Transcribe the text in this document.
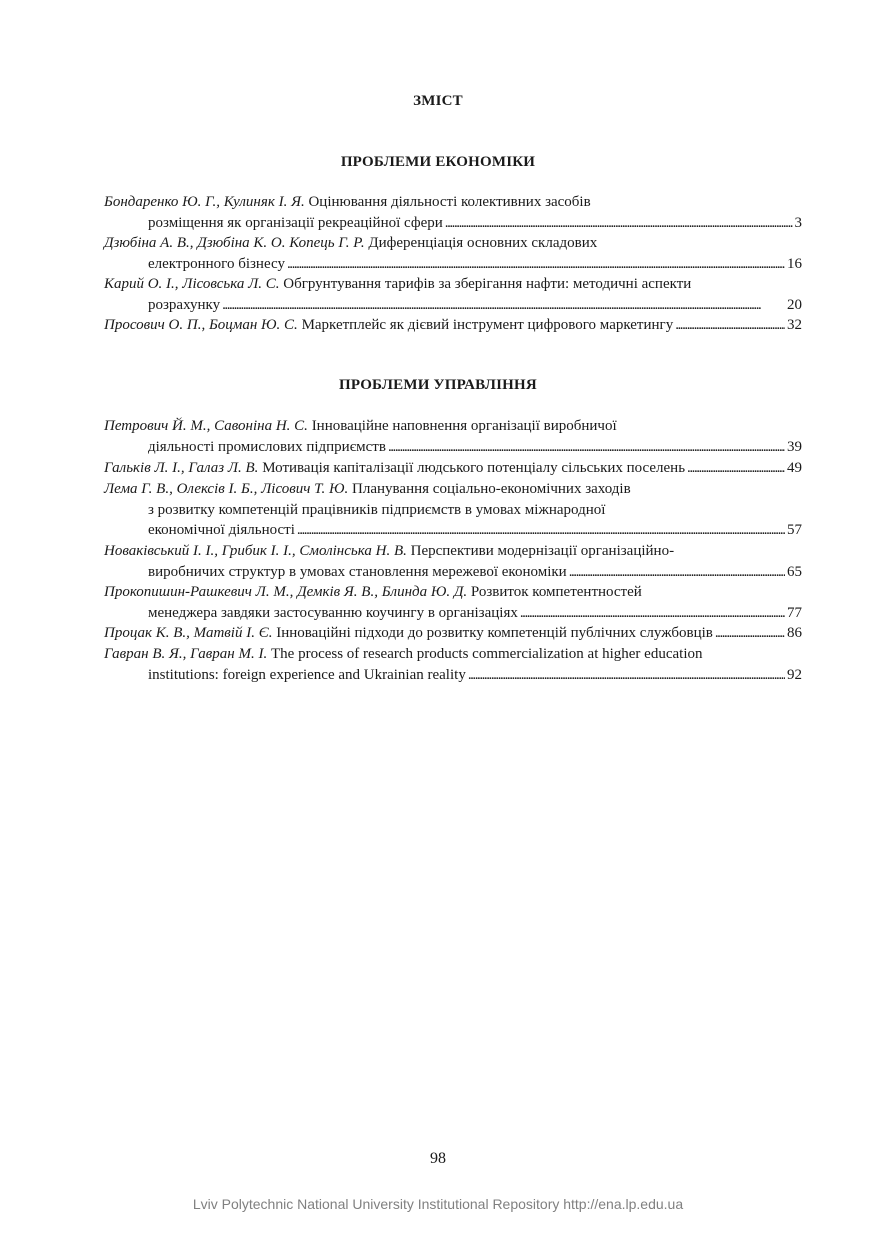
ЗМІСТ
ПРОБЛЕМИ ЕКОНОМІКИ
Бондаренко Ю. Г., Кулиняк І. Я. Оцінювання діяльності колективних засобів
розміщення як організації рекреаційної сфери . . .	3
Дзюбіна А. В., Дзюбіна К. О. Копець Г. Р. Диференціація основних складових
електронного бізнесу . . .	16
Карий О. І., Лісовська Л. С. Обгрунтування тарифів за зберігання нафти: методичні аспекти
розрахунку . . .	20
Просович О. П., Боцман Ю. С. Маркетплейс як дієвий інструмент цифрового маркетингу . . .	32
ПРОБЛЕМИ УПРАВЛІННЯ
Петрович Й. М., Савоніна Н. С. Інноваційне наповнення організації виробничої
діяльності промислових підприємств . . .	39
Гальків Л. І., Галаз Л. В. Мотивація капіталізації людського потенціалу сільських поселень . . .	49
Лема Г. В., Олексів І. Б., Лісович Т. Ю. Планування соціально-економічних заходів
з розвитку компетенцій працівників підприємств в умовах міжнародної
економічної діяльності . . .	57
Новаківський І. І., Грибик І. І., Смолінська Н. В. Перспективи модернізації організаційно-
виробничих структур в умовах становлення мережевої економіки . . .	65
Прокопишин-Рашкевич Л. М., Демків Я. В., Блинда Ю. Д. Розвиток компетентностей
менеджера завдяки застосуванню коучингу в організаціях . . .	77
Процак К. В., Матвій І. Є. Інноваційні підходи до розвитку компетенцій публічних службовців . . .	86
Гавран В. Я., Гавран М. І. The process of research products commercialization at higher education
institutions: foreign experience and Ukrainian reality . . .	92
98
Lviv Polytechnic National University Institutional Repository http://ena.lp.edu.ua
